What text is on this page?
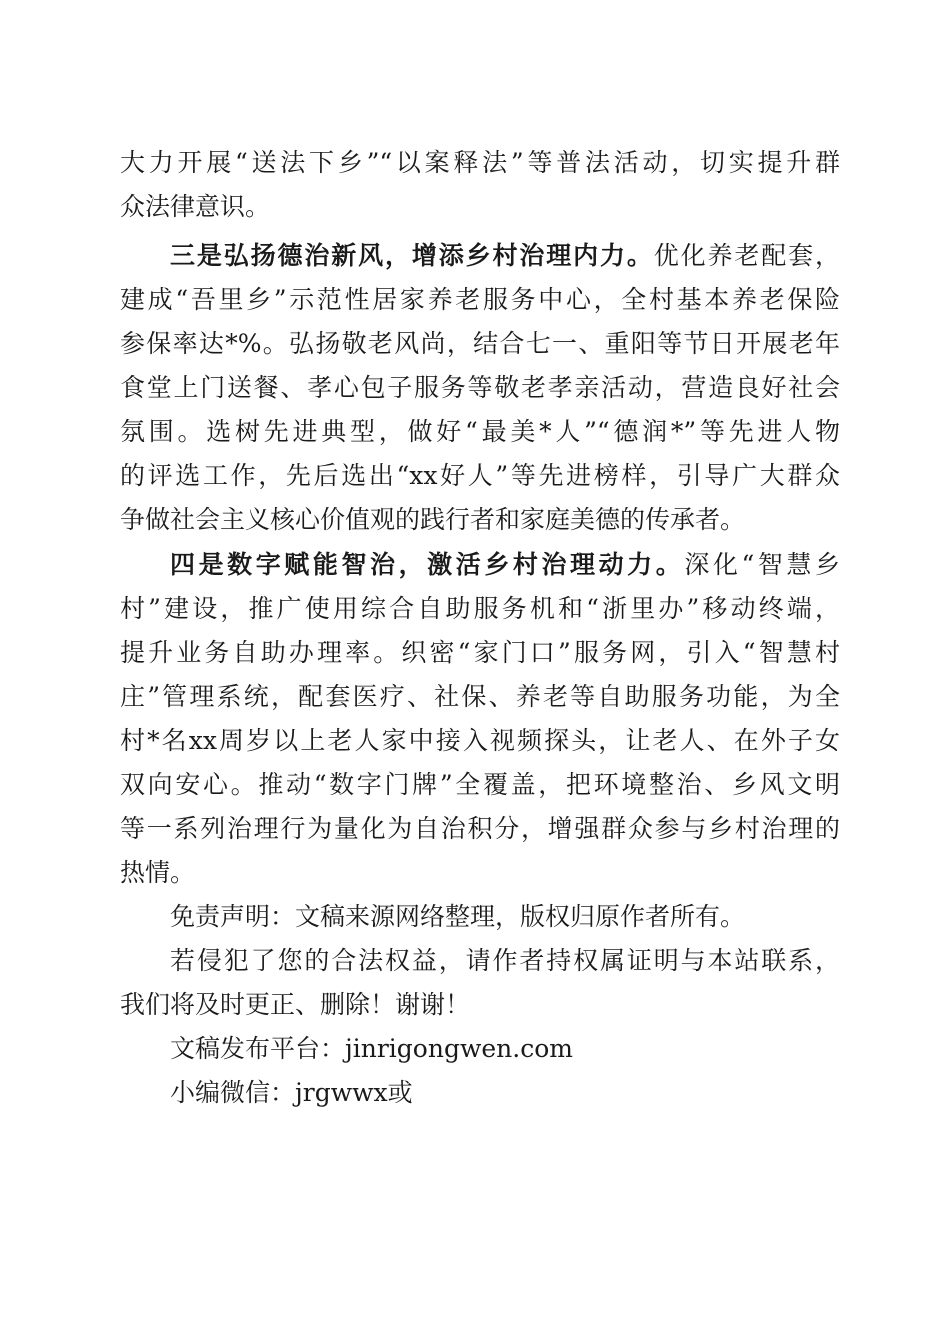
大力开展“送法下乡”“以案释法”等普法活动，切实提升群
众法律意识。
三是弘扬德治新风，增添乡村治理内力。优化养老配套，
建成“吾里乡”示范性居家养老服务中心，全村基本养老保险
参保率达*%。弘扬敬老风尚，结合七一、重阳等节日开展老年
食堂上门送餐、孝心包子服务等敬老孝亲活动，营造良好社会
氛围。选树先进典型，做好“最美*人”“德润*”等先进人物
的评选工作，先后选出“xx好人”等先进榜样，引导广大群众
争做社会主义核心价值观的践行者和家庭美德的传承者。
四是数字赋能智治，激活乡村治理动力。深化“智慧乡
村”建设，推广使用综合自助服务机和“浙里办”移动终端，
提升业务自助办理率。织密“家门口”服务网，引入“智慧村
庄”管理系统，配套医疗、社保、养老等自助服务功能，为全
村*名xx周岁以上老人家中接入视频探头，让老人、在外子女
双向安心。推动“数字门牌”全覆盖，把环境整治、乡风文明
等一系列治理行为量化为自治积分，增强群众参与乡村治理的
热情。
免责声明：文稿来源网络整理，版权归原作者所有。
若侵犯了您的合法权益，请作者持权属证明与本站联系，
我们将及时更正、删除！谢谢！
文稿发布平台：jinrigongwen.com
小编微信：jrgwwx或
